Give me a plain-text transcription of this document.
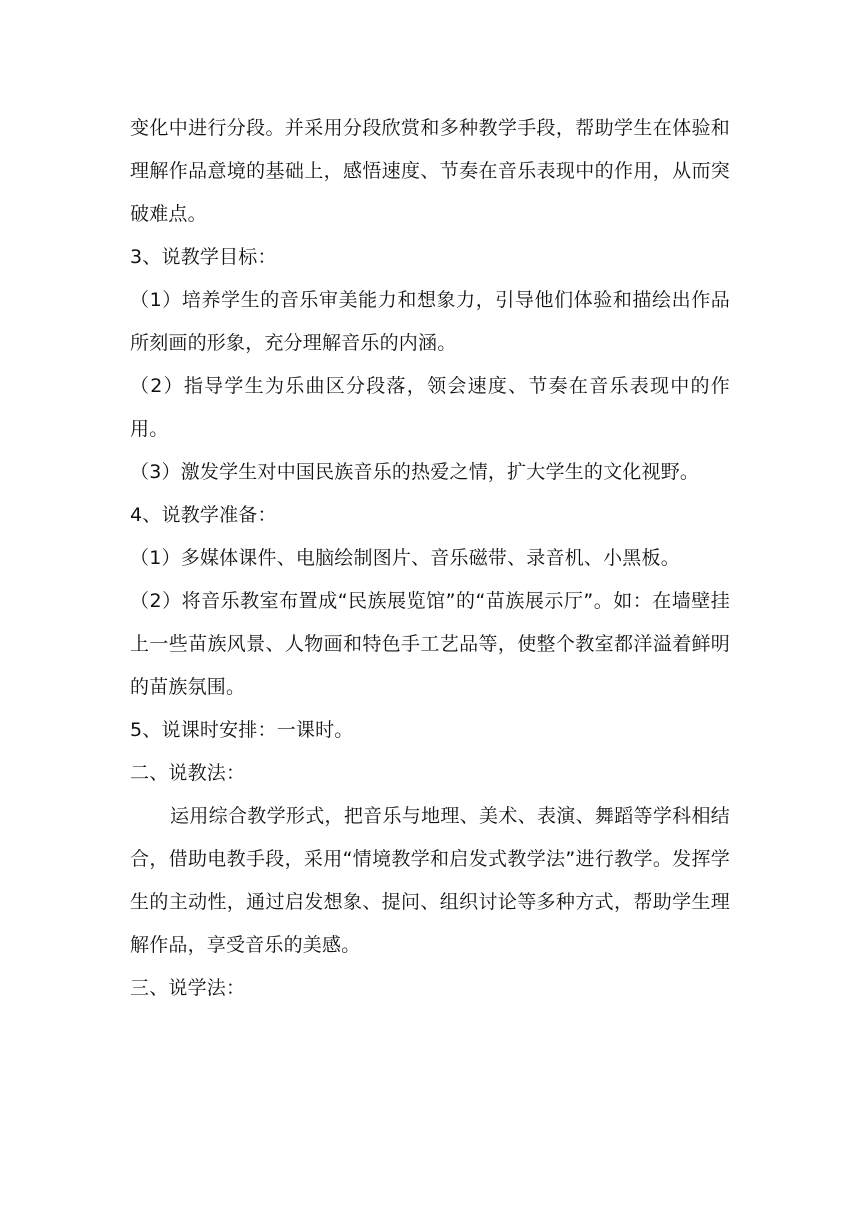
变化中进行分段。并采用分段欣赏和多种教学手段，帮助学生在体验和理解作品意境的基础上，感悟速度、节奏在音乐表现中的作用，从而突破难点。

3、说教学目标：

（1）培养学生的音乐审美能力和想象力，引导他们体验和描绘出作品所刻画的形象，充分理解音乐的内涵。

（2）指导学生为乐曲区分段落，领会速度、节奏在音乐表现中的作用。

（3）激发学生对中国民族音乐的热爱之情，扩大学生的文化视野。

4、说教学准备：

（1）多媒体课件、电脑绘制图片、音乐磁带、录音机、小黑板。

（2）将音乐教室布置成“民族展览馆”的“苗族展示厅”。如：在墙壁挂上一些苗族风景、人物画和特色手工艺品等，使整个教室都洋溢着鲜明的苗族氛围。

5、说课时安排：一课时。

二、说教法：

运用综合教学形式，把音乐与地理、美术、表演、舞蹈等学科相结合，借助电教手段，采用“情境教学和启发式教学法”进行教学。发挥学生的主动性，通过启发想象、提问、组织讨论等多种方式，帮助学生理解作品，享受音乐的美感。

三、说学法：
